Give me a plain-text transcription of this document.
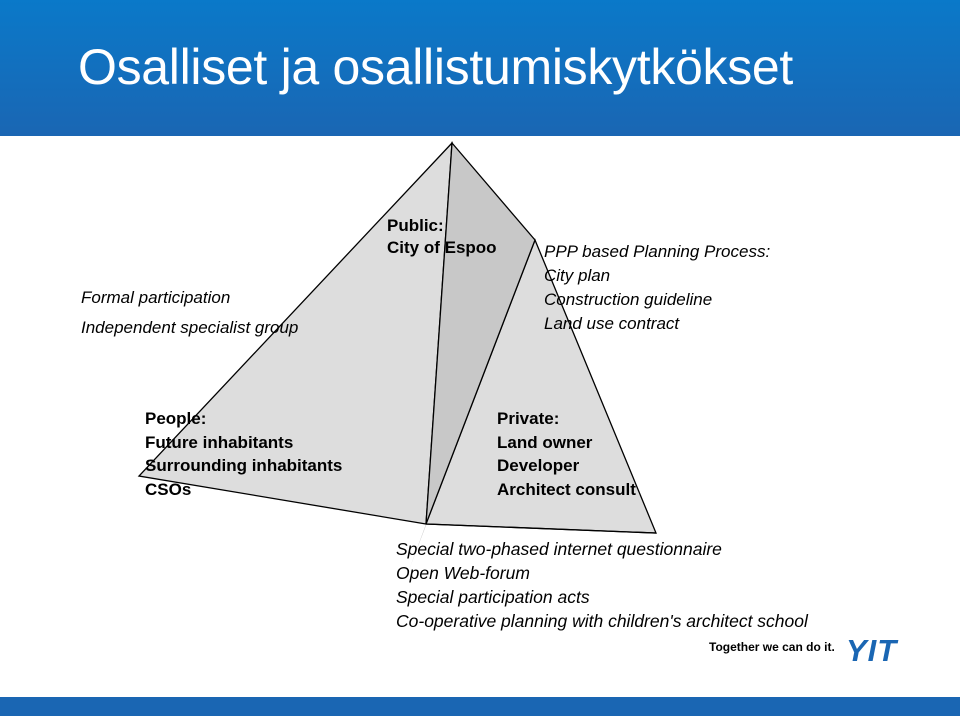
Osalliset ja osallistumiskytkökset
Formal participation
Independent specialist group
Public:
City of Espoo	PPP based Planning Process:
City plan
Construction guideline
Land use contract
People:
Future inhabitants
Surrounding inhabitants
CSOs
Private:
Land owner
Developer
Architect consult
Special two-phased internet questionnaire
Open Web-forum
Special participation acts
Co-operative planning with children's architect school
Together we can do it. YIT
